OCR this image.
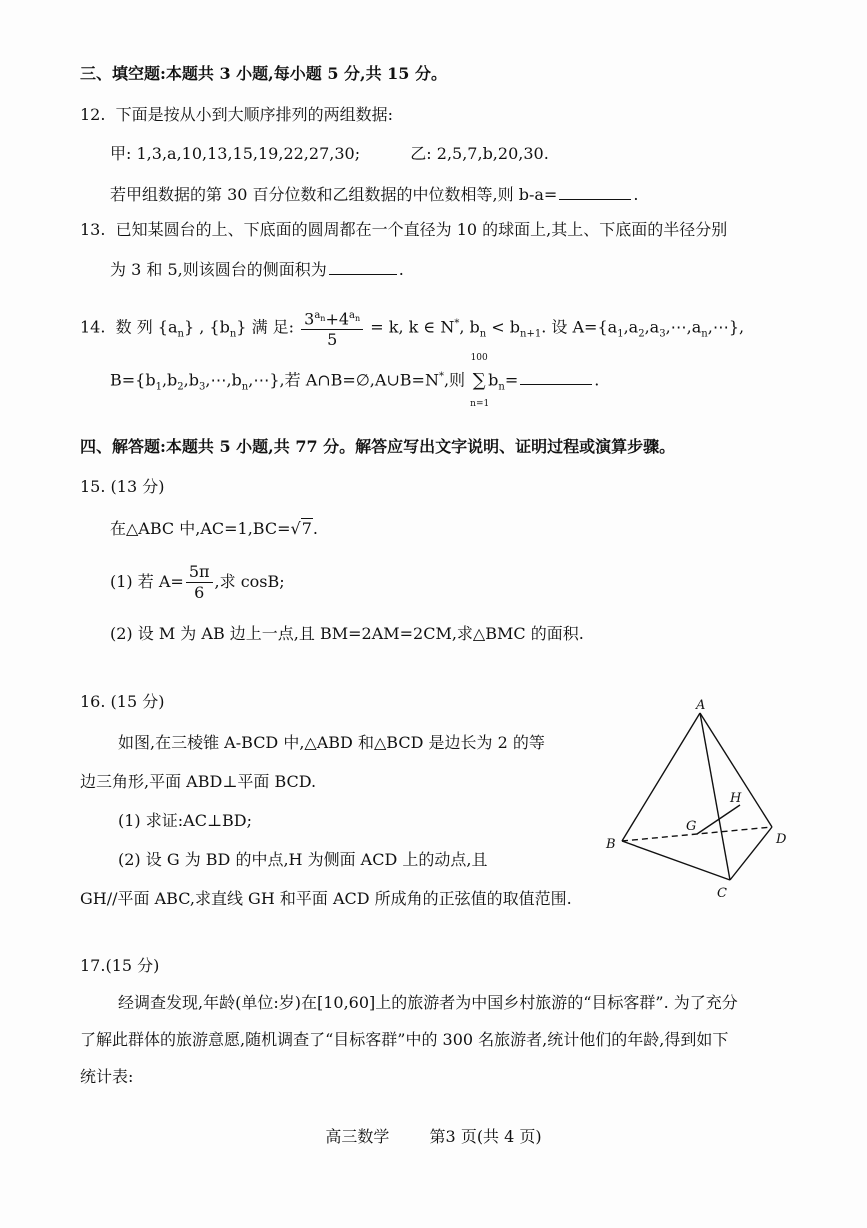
三、填空题:本题共 3 小题,每小题 5 分,共 15 分。
12. 下面是按从小到大顺序排列的两组数据:
甲: 1,3,a,10,13,15,19,22,27,30;	乙: 2,5,7,b,20,30.
若甲组数据的第 30 百分位数和乙组数据的中位数相等,则 b-a=	.
13. 已知某圆台的上、下底面的圆周都在一个直径为 10 的球面上,其上、下底面的半径分别
为 3 和 5,则该圆台的侧面积为	.
14. 数 列 $\{a_n\}$ , $\{b_n\}$ 满 足: $\frac{3^{a_n}+4^{a_n}}{5} = k$, k ∈ N*, $b_n < b_{n+1}$. 设 $A=\{a_1,a_2,a_3,\cdots,a_n,\cdots\}$,
$B=\{b_1,b_2,b_3,\cdots,b_n,\cdots\}$,若 A∩B=∅,A∪B=N*,则
100
∑
n=1
$b_n=$	.
四、解答题:本题共 5 小题,共 77 分。解答应写出文字说明、证明过程或演算步骤。
15. (13 分)
在△ABC 中,AC=1,BC=√7.
(1) 若 $A= \frac{5\pi}{6}$ ,求 cosB;
(2) 设 M 为 AB 边上一点,且 BM=2AM=2CM,求△BMC 的面积.
16. (15 分)
如图,在三棱锥 A-BCD 中,△ABD 和△BCD 是边长为 2 的等
边三角形,平面 ABD⊥平面 BCD.
(1) 求证:AC⊥BD;
(2) 设 G 为 BD 的中点,H 为侧面 ACD 上的动点,且
GH//平面 ABC,求直线 GH 和平面 ACD 所成角的正弦值的取值范围.
A
B
C
D
G
H
17.(15 分)
经调查发现,年龄(单位:岁)在[10,60]上的旅游者为中国乡村旅游的“目标客群”. 为了充分
了解此群体的旅游意愿,随机调查了“目标客群”中的 300 名旅游者,统计他们的年龄,得到如下
统计表:
高三数学	第3 页(共 4 页)
